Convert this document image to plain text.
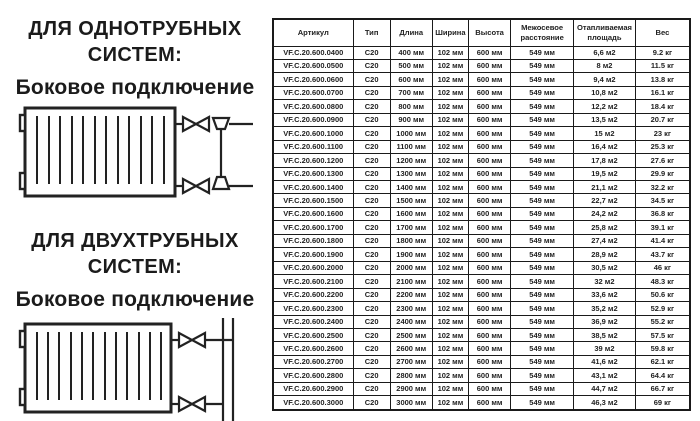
ДЛЯ ОДНОТРУБНЫХ СИСТЕМ:
Боковое подключение
ДЛЯ ДВУХТРУБНЫХ СИСТЕМ:
Боковое подключение
Артикул	Тип	Длина	Ширина	Высота	Межосевое расстояние	Отапливаемая площадь	Вес
VF.C.20.600.0400	C20	400 мм	102 мм	600 мм	549 мм	6,6 м2	9.2 кг
VF.C.20.600.0500	C20	500 мм	102 мм	600 мм	549 мм	8 м2	11.5 кг
VF.C.20.600.0600	C20	600 мм	102 мм	600 мм	549 мм	9,4 м2	13.8 кг
VF.C.20.600.0700	C20	700 мм	102 мм	600 мм	549 мм	10,8 м2	16.1 кг
VF.C.20.600.0800	C20	800 мм	102 мм	600 мм	549 мм	12,2 м2	18.4 кг
VF.C.20.600.0900	C20	900 мм	102 мм	600 мм	549 мм	13,5 м2	20.7 кг
VF.C.20.600.1000	C20	1000 мм	102 мм	600 мм	549 мм	15 м2	23 кг
VF.C.20.600.1100	C20	1100 мм	102 мм	600 мм	549 мм	16,4 м2	25.3 кг
VF.C.20.600.1200	C20	1200 мм	102 мм	600 мм	549 мм	17,8 м2	27.6 кг
VF.C.20.600.1300	C20	1300 мм	102 мм	600 мм	549 мм	19,5 м2	29.9 кг
VF.C.20.600.1400	C20	1400 мм	102 мм	600 мм	549 мм	21,1 м2	32.2 кг
VF.C.20.600.1500	C20	1500 мм	102 мм	600 мм	549 мм	22,7 м2	34.5 кг
VF.C.20.600.1600	C20	1600 мм	102 мм	600 мм	549 мм	24,2 м2	36.8 кг
VF.C.20.600.1700	C20	1700 мм	102 мм	600 мм	549 мм	25,8 м2	39.1 кг
VF.C.20.600.1800	C20	1800 мм	102 мм	600 мм	549 мм	27,4 м2	41.4 кг
VF.C.20.600.1900	C20	1900 мм	102 мм	600 мм	549 мм	28,9 м2	43.7 кг
VF.C.20.600.2000	C20	2000 мм	102 мм	600 мм	549 мм	30,5 м2	46 кг
VF.C.20.600.2100	C20	2100 мм	102 мм	600 мм	549 мм	32 м2	48.3 кг
VF.C.20.600.2200	C20	2200 мм	102 мм	600 мм	549 мм	33,6 м2	50.6 кг
VF.C.20.600.2300	C20	2300 мм	102 мм	600 мм	549 мм	35,2 м2	52.9 кг
VF.C.20.600.2400	C20	2400 мм	102 мм	600 мм	549 мм	36,9 м2	55.2 кг
VF.C.20.600.2500	C20	2500 мм	102 мм	600 мм	549 мм	38,5 м2	57.5 кг
VF.C.20.600.2600	C20	2600 мм	102 мм	600 мм	549 мм	39 м2	59.8 кг
VF.C.20.600.2700	C20	2700 мм	102 мм	600 мм	549 мм	41,6 м2	62.1 кг
VF.C.20.600.2800	C20	2800 мм	102 мм	600 мм	549 мм	43,1 м2	64.4 кг
VF.C.20.600.2900	C20	2900 мм	102 мм	600 мм	549 мм	44,7 м2	66.7 кг
VF.C.20.600.3000	C20	3000 мм	102 мм	600 мм	549 мм	46,3 м2	69 кг
